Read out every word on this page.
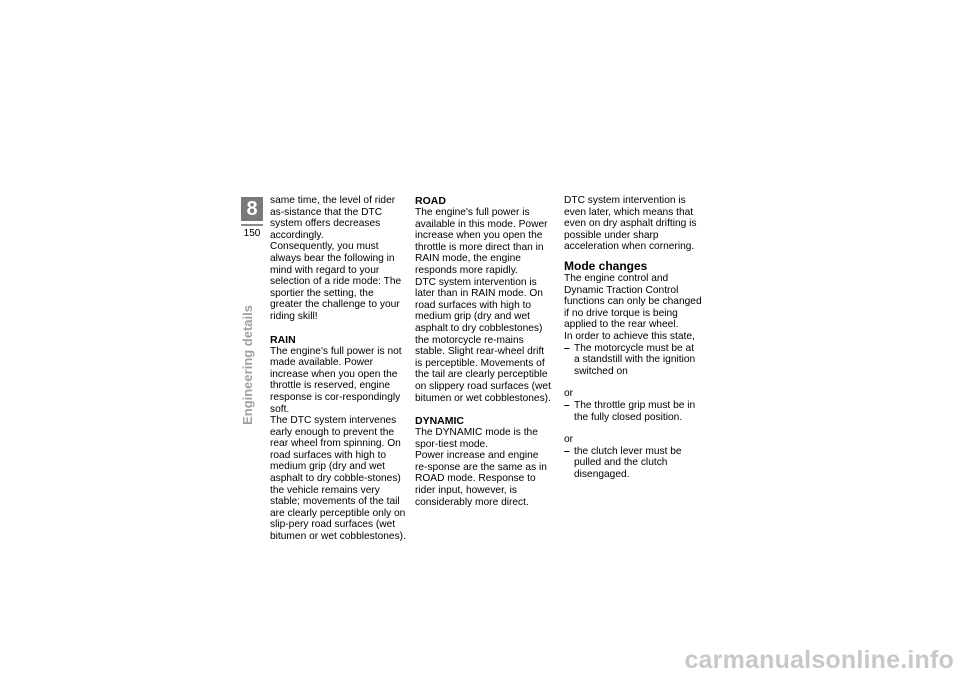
8
150
Engineering details

same time, the level of rider as-sistance that the DTC system offers decreases accordingly.

Consequently, you must always bear the following in mind with regard to your selection of a ride mode: The sportier the setting, the greater the challenge to your riding skill!

RAIN

The engine's full power is not made available. Power increase when you open the throttle is reserved, engine response is cor-respondingly soft.

The DTC system intervenes early enough to prevent the rear wheel from spinning. On road surfaces with high to medium grip (dry and wet asphalt to dry cobble-stones) the vehicle remains very stable; movements of the tail are clearly perceptible only on slip-pery road surfaces (wet bitumen or wet cobblestones).

ROAD

The engine's full power is available in this mode. Power increase when you open the throttle is more direct than in RAIN mode, the engine responds more rapidly.

DTC system intervention is later than in RAIN mode. On road surfaces with high to medium grip (dry and wet asphalt to dry cobblestones) the motorcycle re-mains stable. Slight rear-wheel drift is perceptible. Movements of the tail are clearly perceptible on slippery road surfaces (wet bitumen or wet cobblestones).

DYNAMIC

The DYNAMIC mode is the spor-tiest mode.

Power increase and engine re-sponse are the same as in ROAD mode. Response to rider input, however, is considerably more direct.

DTC system intervention is even later, which means that even on dry asphalt drifting is possible under sharp acceleration when cornering.

Mode changes

The engine control and Dynamic Traction Control functions can only be changed if no drive torque is being applied to the rear wheel.

In order to achieve this state,

– The motorcycle must be at a standstill with the ignition switched on

or

– The throttle grip must be in the fully closed position.

or

– the clutch lever must be pulled and the clutch disengaged.

carmanualsonline.info
